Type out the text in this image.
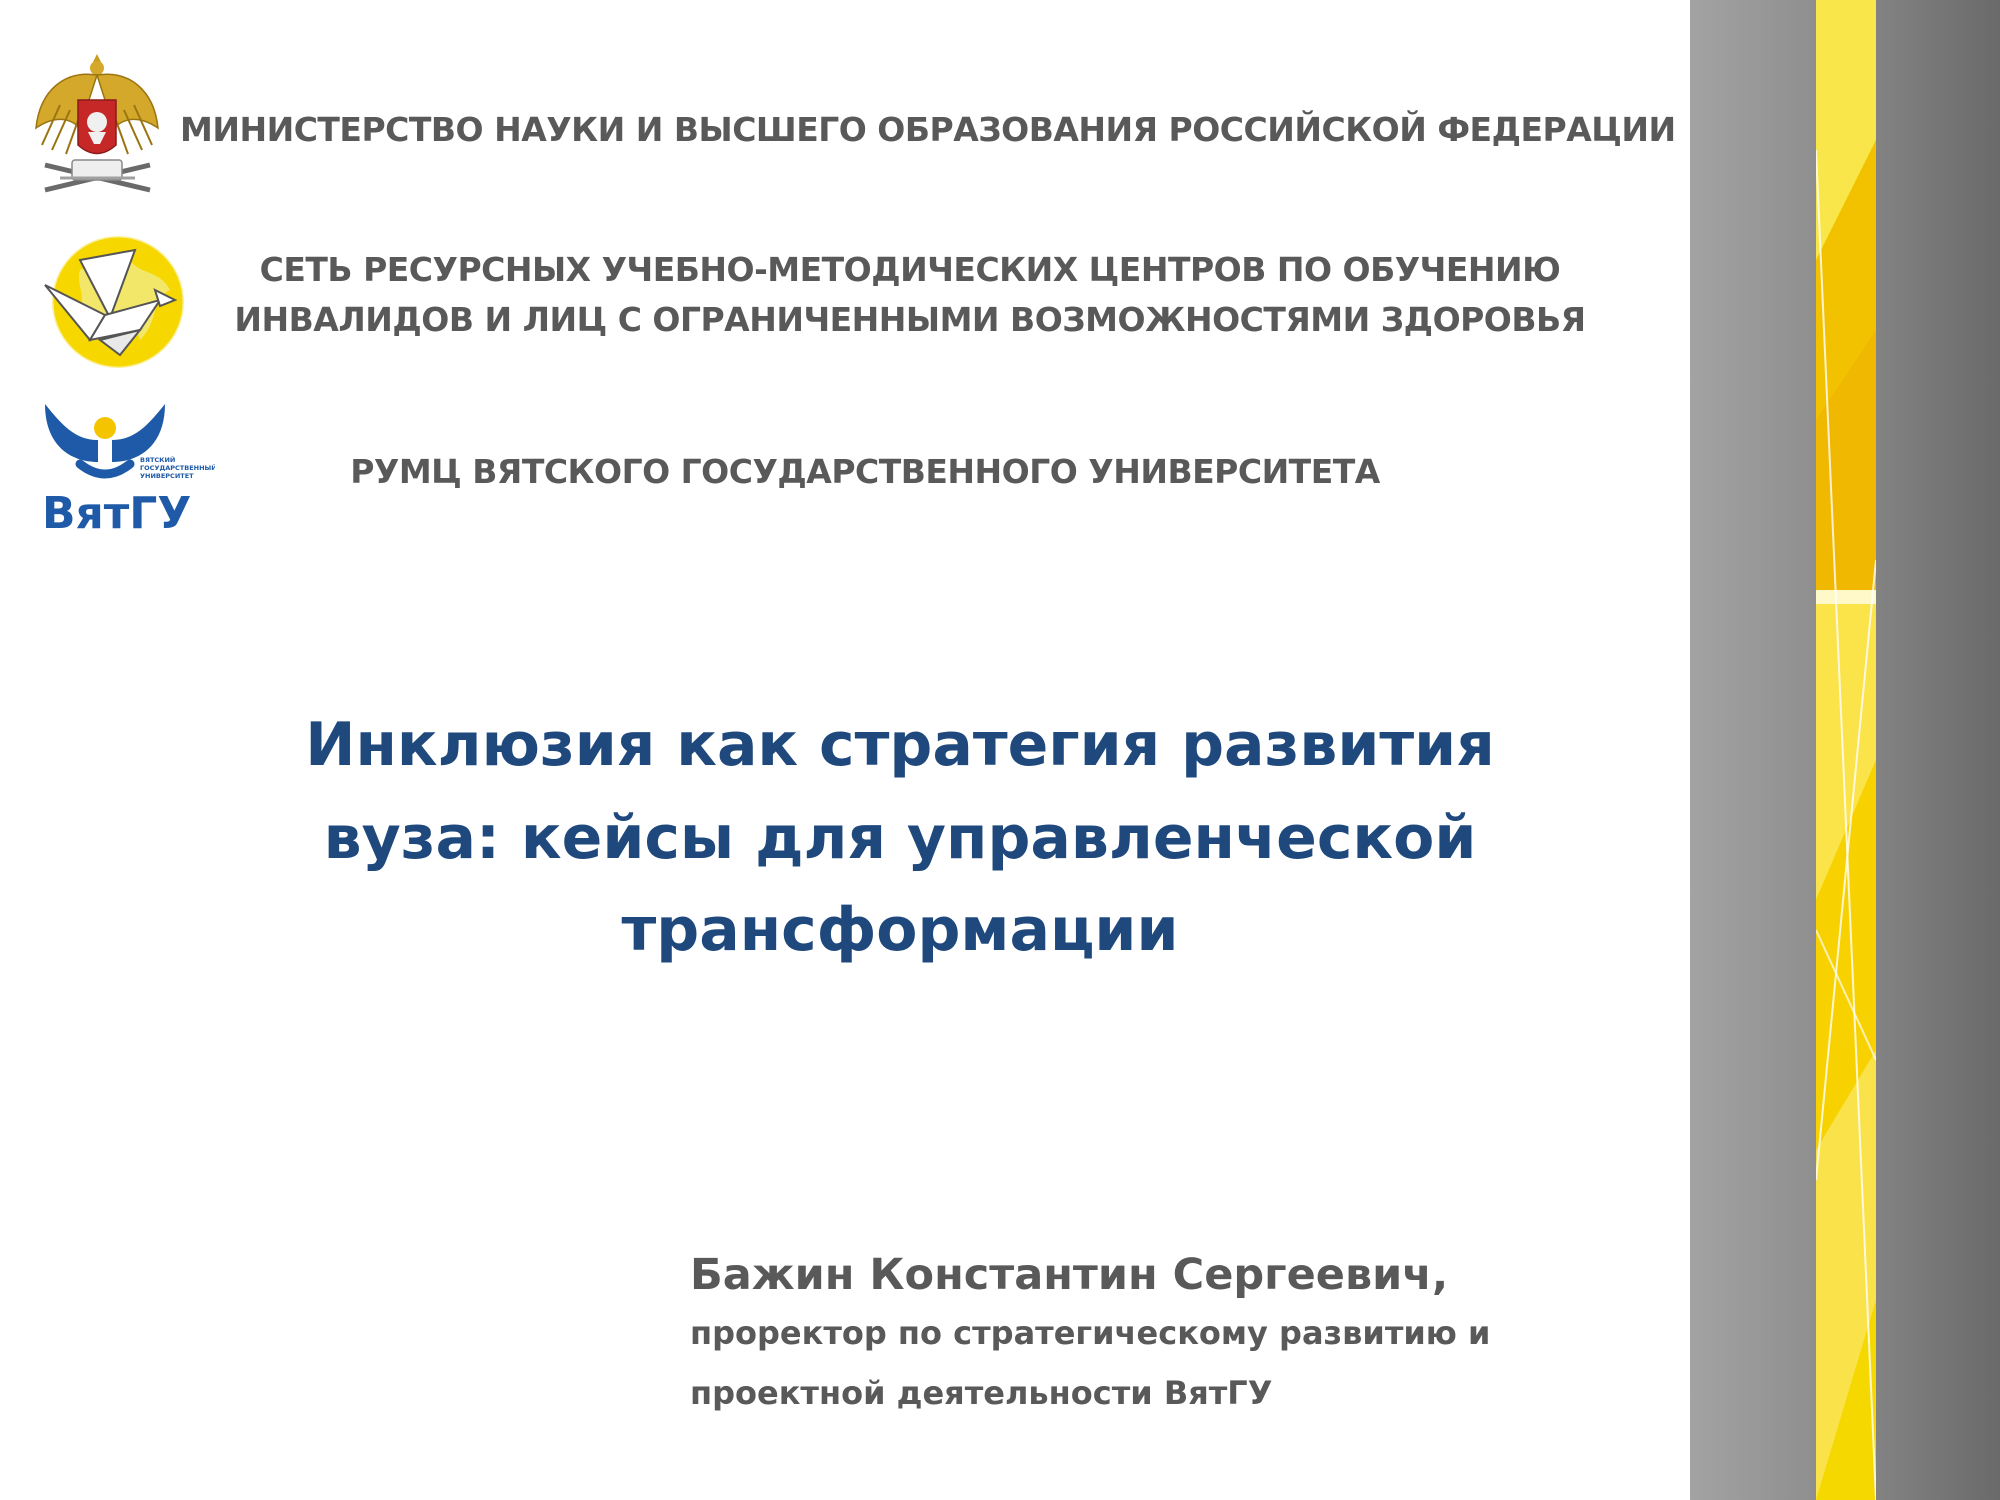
ВЯТСКИЙ
ГОСУДАРСТВЕННЫЙ
УНИВЕРСИТЕТ
ВятГУ
МИНИСТЕРСТВО НАУКИ И ВЫСШЕГО ОБРАЗОВАНИЯ РОССИЙСКОЙ ФЕДЕРАЦИИ
СЕТЬ РЕСУРСНЫХ УЧЕБНО-МЕТОДИЧЕСКИХ ЦЕНТРОВ ПО ОБУЧЕНИЮ
ИНВАЛИДОВ И ЛИЦ С ОГРАНИЧЕННЫМИ ВОЗМОЖНОСТЯМИ ЗДОРОВЬЯ
РУМЦ ВЯТСКОГО ГОСУДАРСТВЕННОГО УНИВЕРСИТЕТА
Инклюзия как стратегия развития
вуза: кейсы для управленческой
трансформации
Бажин Константин Сергеевич,
проректор по стратегическому развитию и
проектной деятельности ВятГУ
